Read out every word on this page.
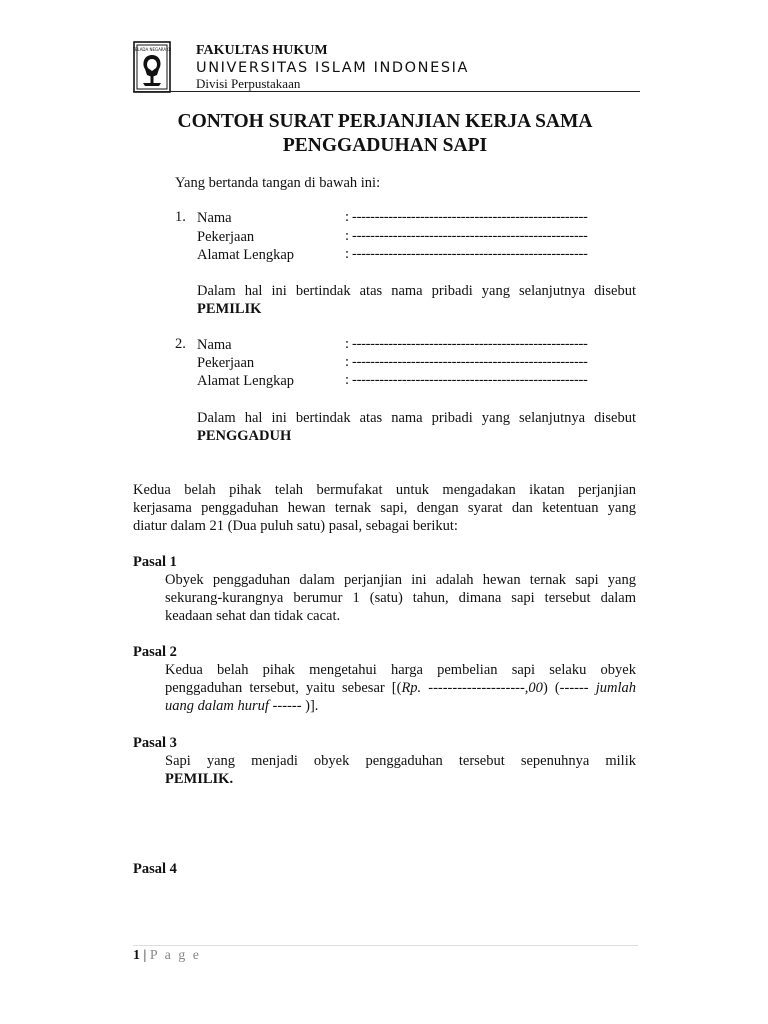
TELADA NEGARAKU FAKULTAS HUKUM
UNIVERSITAS ISLAM INDONESIA
Divisi Perpustakaan
CONTOH SURAT PERJANJIAN KERJA SAMA
PENGGADUHAN SAPI
Yang bertanda tangan di bawah ini:
1. Nama	: ----------------------------------------------------
Pekerjaan	: ----------------------------------------------------
Alamat Lengkap	: ----------------------------------------------------
Dalam hal ini bertindak atas nama pribadi yang selanjutnya disebut
PEMILIK
2. Nama	: ----------------------------------------------------
Pekerjaan	: ----------------------------------------------------
Alamat Lengkap	: ----------------------------------------------------
Dalam hal ini bertindak atas nama pribadi yang selanjutnya disebut
PENGGADUH
Kedua belah pihak telah bermufakat untuk mengadakan ikatan perjanjian
kerjasama penggaduhan hewan ternak sapi, dengan syarat dan ketentuan yang
diatur dalam 21 (Dua puluh satu) pasal, sebagai berikut:
Pasal 1
Obyek penggaduhan dalam perjanjian ini adalah hewan ternak sapi yang
sekurang-kurangnya berumur 1 (satu) tahun, dimana sapi tersebut dalam
keadaan sehat dan tidak cacat.
Pasal 2
Kedua belah pihak mengetahui harga pembelian sapi selaku obyek
penggaduhan tersebut, yaitu sebesar [(Rp. --------------------,00) (------ jumlah
uang dalam huruf ------ )].
Pasal 3
Sapi yang menjadi obyek penggaduhan tersebut sepenuhnya milik
PEMILIK.
Pasal 4
1 | P a g e
